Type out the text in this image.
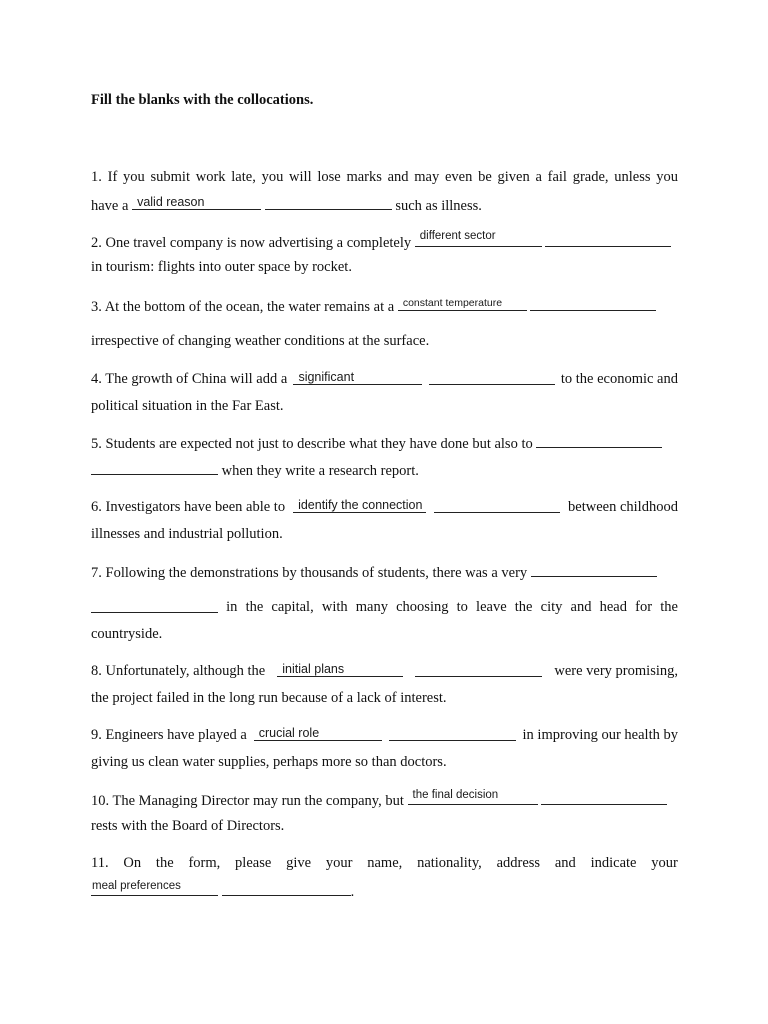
Fill the blanks with the collocations.
1. If you submit work late, you will lose marks and may even be given a fail grade, unless you
have a valid reason	such as illness.
2. One travel company is now advertising a completely different sector

in tourism: flights into outer space by rocket.
3. At the bottom of the ocean, the water remains at a constant temperature

irrespective of changing weather conditions at the surface.
4. The growth of China will add a significant	to the economic and
political situation in the Far East.
5. Students are expected not just to describe what they have done but also to
when they write a research report.
6. Investigators have been able to identify the connection	between childhood
illnesses and industrial pollution.
7. Following the demonstrations by thousands of students, there was a very
in the capital, with many choosing to leave the city and head for the
countryside.
8. Unfortunately, although the initial plans	were very promising,
the project failed in the long run because of a lack of interest.
9. Engineers have played a crucial role	in improving our health by
giving us clean water supplies, perhaps more so than doctors.
10. The Managing Director may run the company, but the final decision

rests with the Board of Directors.
11. On the form, please give your name, nationality, address and indicate your
meal preferences	.
